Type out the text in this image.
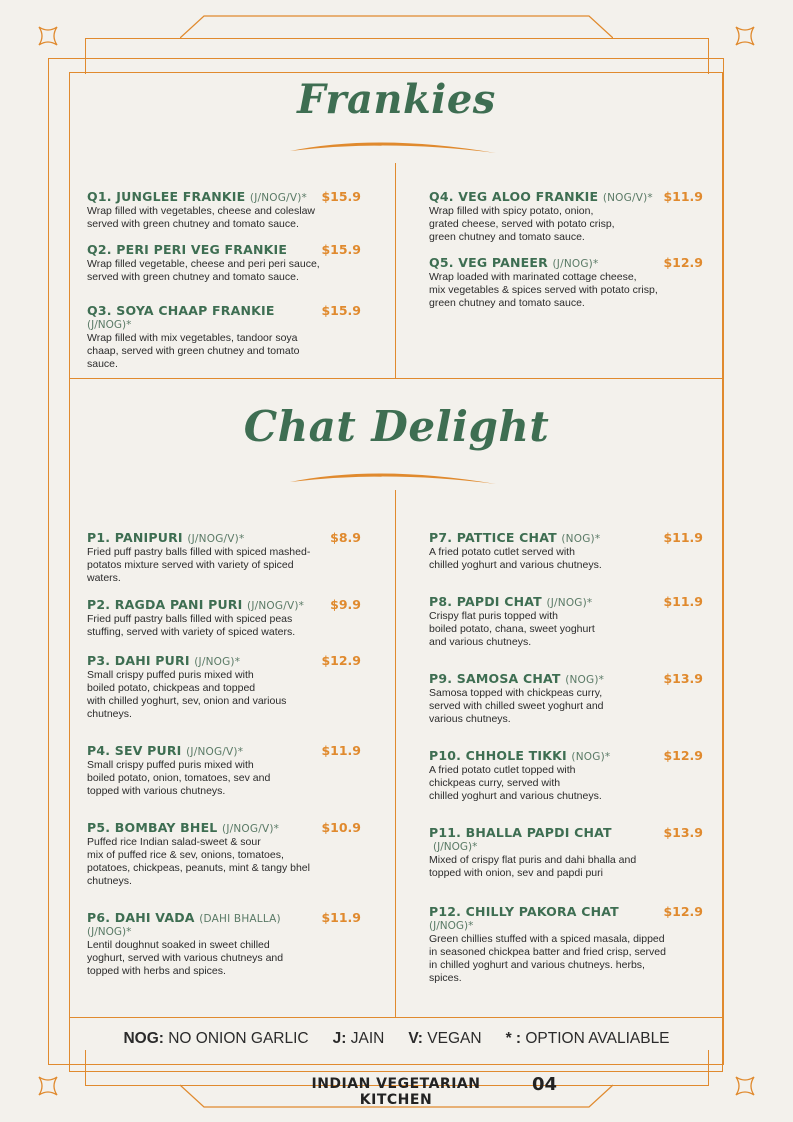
Frankies
Q1. JUNGLEE FRANKIE (J/NOG/V)* $15.9
Wrap filled with vegetables, cheese and coleslaw
served with green chutney and tomato sauce.
Q2. PERI PERI VEG FRANKIE	$15.9
Wrap filled vegetable, cheese and peri peri sauce,
served with green chutney and tomato sauce.
Q3. SOYA CHAAP FRANKIE	$15.9
(J/NOG)*
Wrap filled with mix vegetables, tandoor soya
chaap, served with green chutney and tomato
sauce.
Q4. VEG ALOO FRANKIE (NOG/V)* $11.9
Wrap filled with spicy potato, onion,
grated cheese, served with potato crisp,
green chutney and tomato sauce.
Q5. VEG PANEER (J/NOG)*	$12.9
Wrap loaded with marinated cottage cheese,
mix vegetables & spices served with potato crisp,
green chutney and tomato sauce.
Chat Delight
P1. PANIPURI (J/NOG/V)*	$8.9
Fried puff pastry balls filled with spiced mashed-
potatos mixture served with variety of spiced
waters.
P2. RAGDA PANI PURI (J/NOG/V)* $9.9
Fried puff pastry balls filled with spiced peas
stuffing, served with variety of spiced waters.
P3. DAHI PURI (J/NOG)*	$12.9
Small crispy puffed puris mixed with
boiled potato, chickpeas and topped
with chilled yoghurt, sev, onion and various
chutneys.
P4. SEV PURI (J/NOG/V)*	$11.9
Small crispy puffed puris mixed with
boiled potato, onion, tomatoes, sev and
topped with various chutneys.
P5. BOMBAY BHEL (J/NOG/V)*	$10.9
Puffed rice Indian salad-sweet & sour
mix of puffed rice & sev, onions, tomatoes,
potatoes, chickpeas, peanuts, mint & tangy bhel
chutneys.
P6. DAHI VADA (DAHI BHALLA)	$11.9
(J/NOG)*
Lentil doughnut soaked in sweet chilled
yoghurt, served with various chutneys and
topped with herbs and spices.
P7. PATTICE CHAT (NOG)*	$11.9
A fried potato cutlet served with
chilled yoghurt and various chutneys.
P8. PAPDI CHAT (J/NOG)*	$11.9
Crispy flat puris topped with
boiled potato, chana, sweet yoghurt
and various chutneys.
P9. SAMOSA CHAT (NOG)*	$13.9
Samosa topped with chickpeas curry,
served with chilled sweet yoghurt and
various chutneys.
P10. CHHOLE TIKKI (NOG)*	$12.9
A fried potato cutlet topped with
chickpeas curry, served with
chilled yoghurt and various chutneys.
P11. BHALLA PAPDI CHAT	$13.9
(J/NOG)*
Mixed of crispy flat puris and dahi bhalla and
topped with onion, sev and papdi puri
P12. CHILLY PAKORA CHAT	$12.9
(J/NOG)*
Green chillies stuffed with a spiced masala, dipped
in seasoned chickpea batter and fried crisp, served
in chilled yoghurt and various chutneys. herbs,
spices.
NOG: NO ONION GARLIC J: JAIN V: VEGAN * : OPTION AVALIABLE
INDIAN VEGETARIAN KITCHEN
04
